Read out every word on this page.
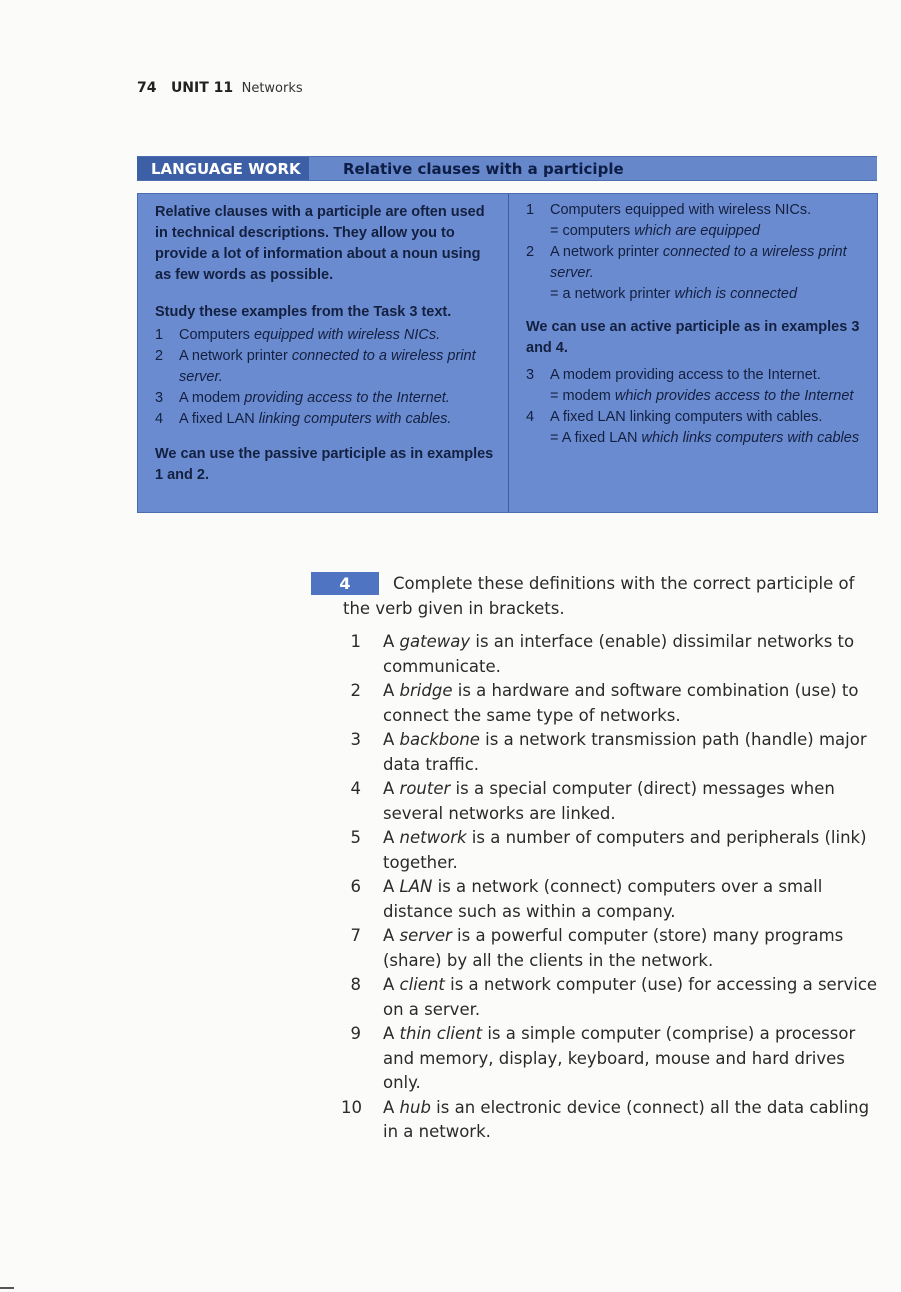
74 UNIT 11 Networks
LANGUAGE WORK	Relative clauses with a participle

Relative clauses with a participle are often used in technical descriptions. They allow you to provide a lot of information about a noun using as few words as possible.

Study these examples from the Task 3 text.

1 Computers equipped with wireless NICs.
2 A network printer connected to a wireless print server.
3 A modem providing access to the Internet.
4 A fixed LAN linking computers with cables.

We can use the passive participle as in examples 1 and 2.

1 Computers equipped with wireless NICs.
= computers which are equipped
2 A network printer connected to a wireless print server.
= a network printer which is connected

We can use an active participle as in examples 3 and 4.

3 A modem providing access to the Internet.
= modem which provides access to the Internet
4 A fixed LAN linking computers with cables.
= A fixed LAN which links computers with cables
4	Complete these definitions with the correct participle of the verb given in brackets.
1 A gateway is an interface (enable) dissimilar networks to communicate.
2 A bridge is a hardware and software combination (use) to connect the same type of networks.
3 A backbone is a network transmission path (handle) major data traffic.
4 A router is a special computer (direct) messages when several networks are linked.
5 A network is a number of computers and peripherals (link) together.
6 A LAN is a network (connect) computers over a small distance such as within a company.
7 A server is a powerful computer (store) many programs (share) by all the clients in the network.
8 A client is a network computer (use) for accessing a service on a server.
9 A thin client is a simple computer (comprise) a processor and memory, display, keyboard, mouse and hard drives only.
10 A hub is an electronic device (connect) all the data cabling in a network.
